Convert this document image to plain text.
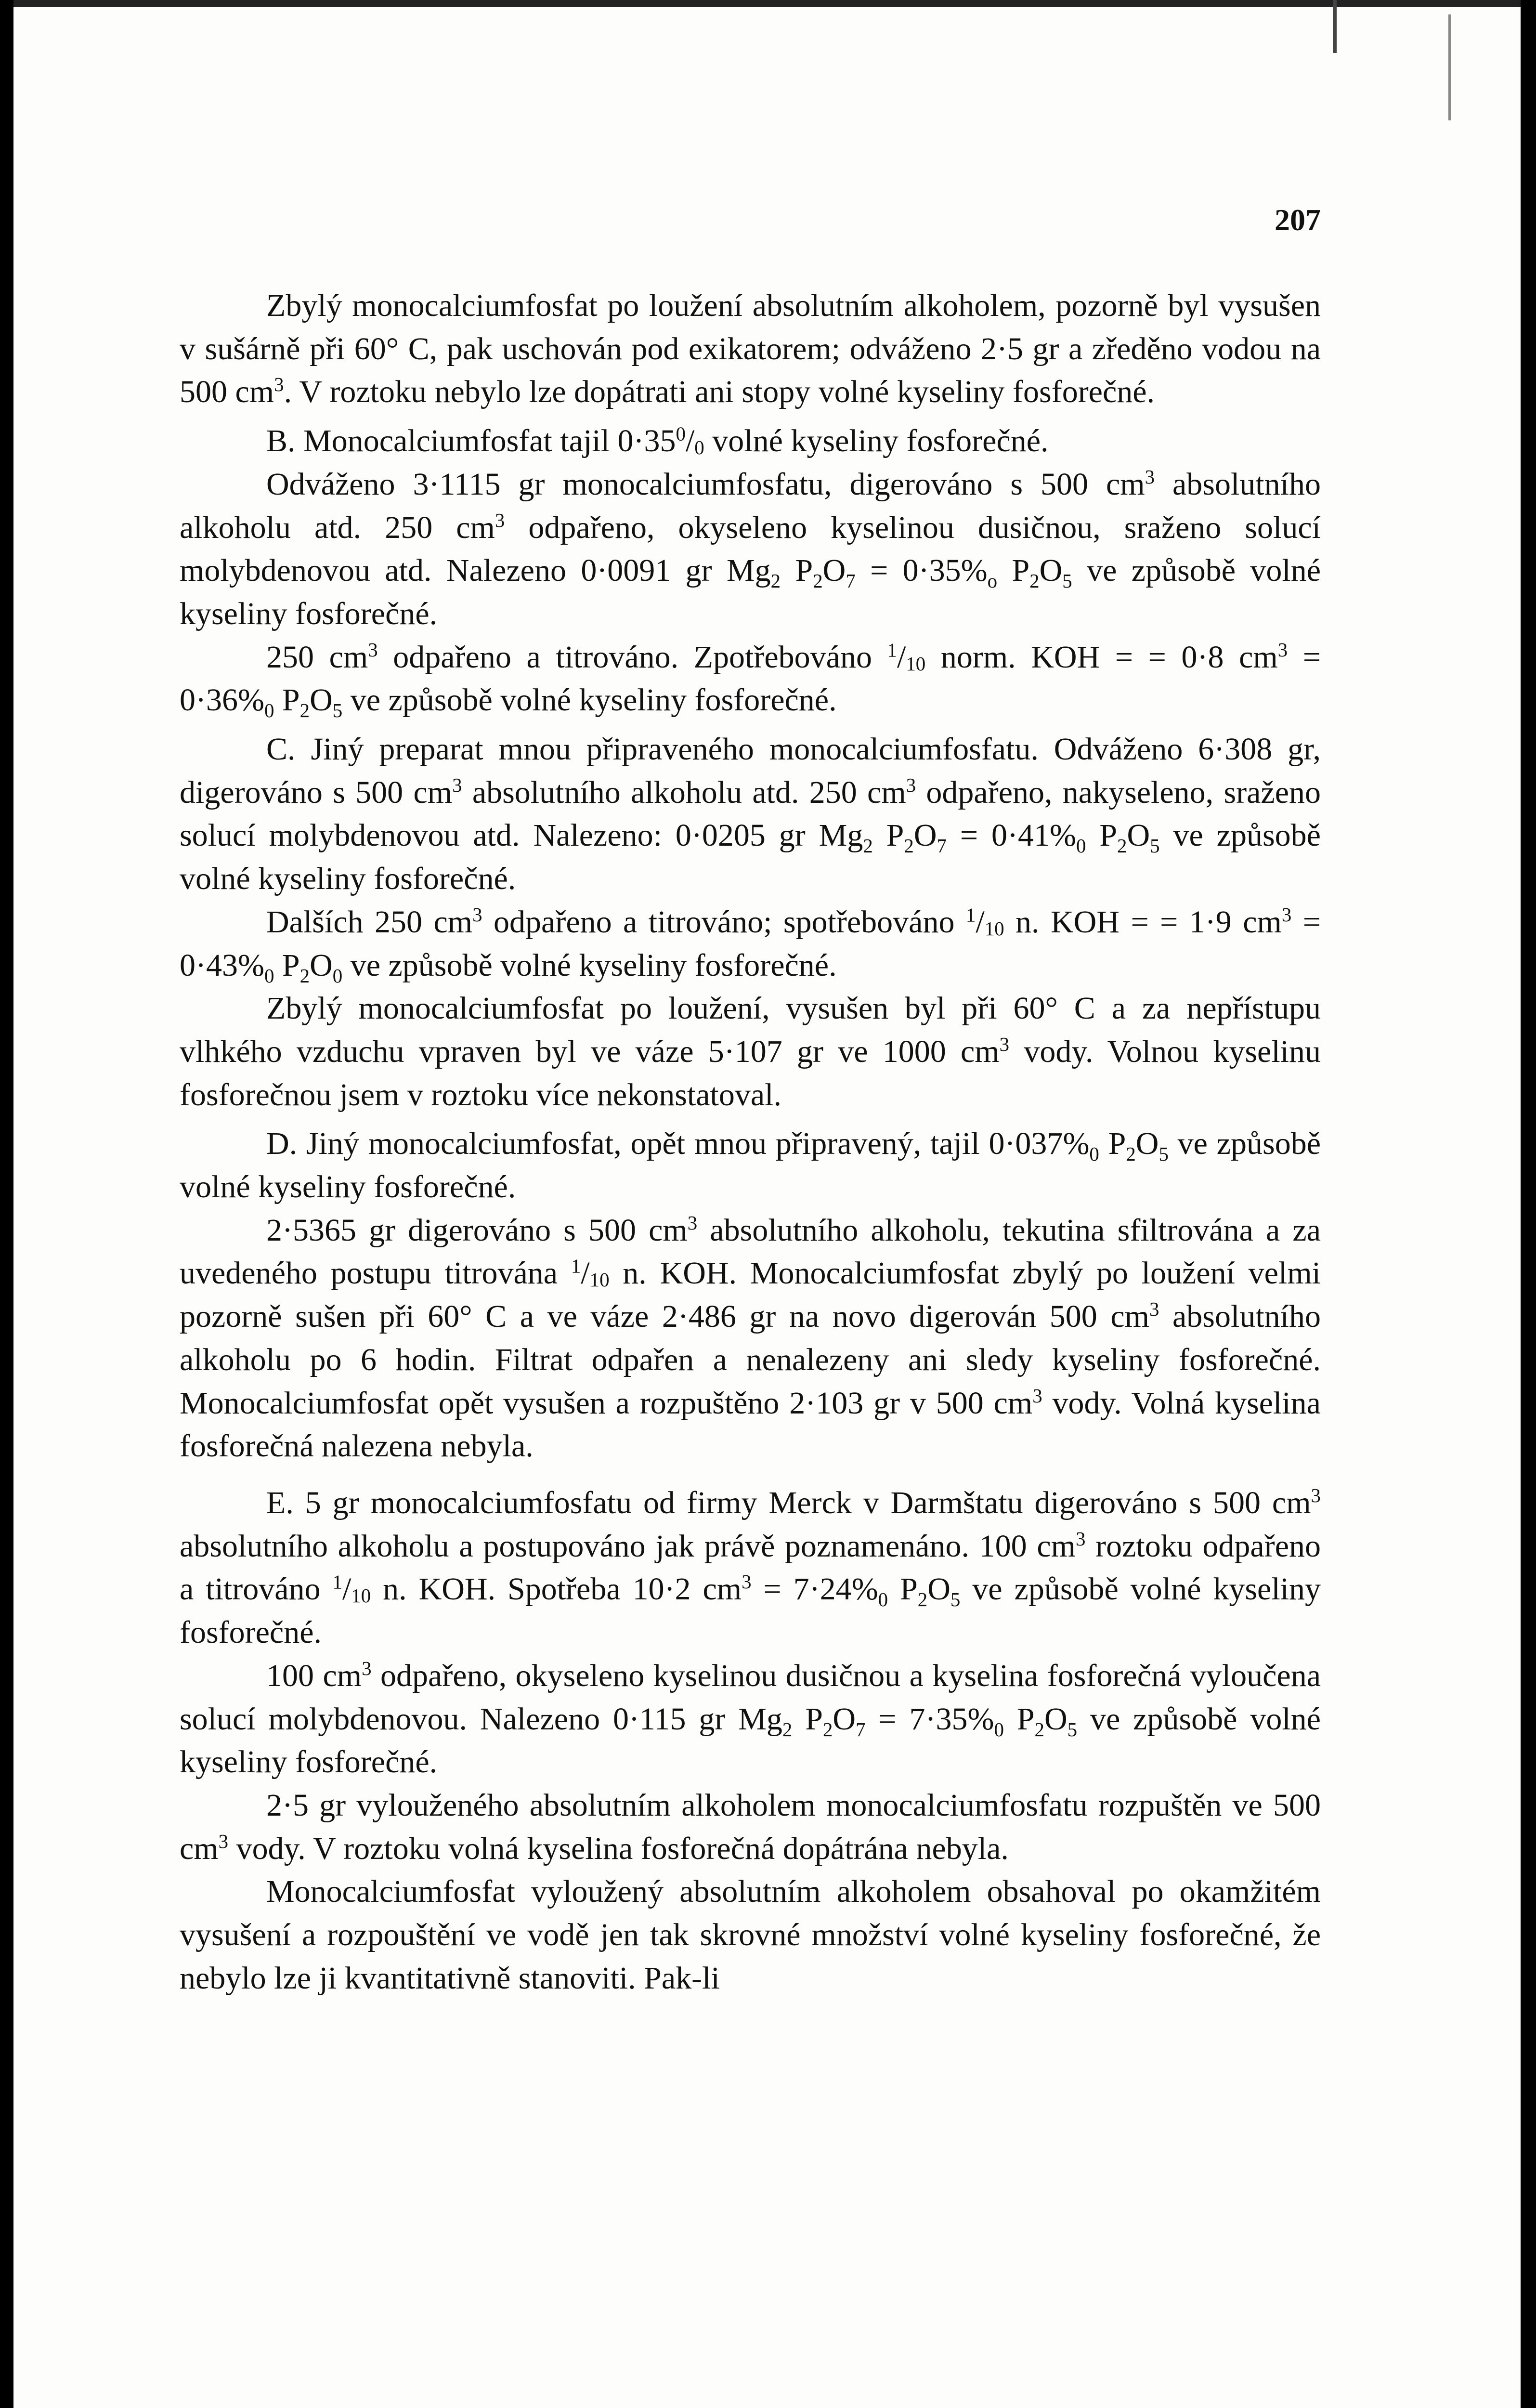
207

Zbylý monocalciumfosfat po loužení absolutním alkoholem, pozorně byl vysušen v sušárně při 60° C, pak uschován pod exikatorem; odváženo 2·5 gr a zředěno vodou na 500 $cm^3$. V roztoku nebylo lze dopátrati ani stopy volné kyseliny fosforečné.

B. Monocalciumfosfat tajil $0\cdot 35^0/_0$ volné kyseliny fosforečné.

Odváženo 3·1115 gr monocalciumfosfatu, digerováno s 500 $cm^3$ absolutního alkoholu atd. 250 $cm^3$ odpařeno, okyseleno kyselinou dusičnou, sraženo solucí molybdenovou atd. Nalezeno 0·0091 gr $Mg_2$ $P_2O_7 = 0\cdot 35\%_o$ $P_2O_5$ ve způsobě volné kyseliny fosforečné.

250 $cm^3$ odpařeno a titrováno. Zpotřebováno $^1/_{10}$ norm. KOH = = 0·8 $cm^3 = 0\cdot 36\%_0$ $P_2O_5$ ve způsobě volné kyseliny fosforečné.

C. Jiný preparat mnou připraveného monocalciumfosfatu. Odváženo 6·308 gr, digerováno s 500 $cm^3$ absolutního alkoholu atd. 250 $cm^3$ odpařeno, nakyseleno, sraženo solucí molybdenovou atd. Nalezeno: 0·0205 gr $Mg_2$ $P_2O_7 = 0\cdot 41\%_0$ $P_2O_5$ ve způsobě volné kyseliny fosforečné.

Dalších 250 $cm^3$ odpařeno a titrováno; spotřebováno $^1/_{10}$ n. KOH = = 1·9 $cm^3 = 0\cdot 43\%_0$ $P_2O_0$ ve způsobě volné kyseliny fosforečné.

Zbylý monocalciumfosfat po loužení, vysušen byl při 60° C a za nepřístupu vlhkého vzduchu vpraven byl ve váze 5·107 gr ve 1000 $cm^3$ vody. Volnou kyselinu fosforečnou jsem v roztoku více nekonstatoval.

D. Jiný monocalciumfosfat, opět mnou připravený, tajil $0\cdot 037\%_0$ $P_2O_5$ ve způsobě volné kyseliny fosforečné.

2·5365 gr digerováno s 500 $cm^3$ absolutního alkoholu, tekutina sfiltrována a za uvedeného postupu titrována $^1/_{10}$ n. KOH. Monocalciumfosfat zbylý po loužení velmi pozorně sušen při 60° C a ve váze 2·486 gr na novo digerován 500 $cm^3$ absolutního alkoholu po 6 hodin. Filtrat odpařen a nenalezeny ani sledy kyseliny fosforečné. Monocalciumfosfat opět vysušen a rozpuštěno 2·103 gr v 500 $cm^3$ vody. Volná kyselina fosforečná nalezena nebyla.

E. 5 gr monocalciumfosfatu od firmy Merck v Darmštatu digerováno s 500 $cm^3$ absolutního alkoholu a postupováno jak právě poznamenáno. 100 $cm^3$ roztoku odpařeno a titrováno $^1/_{10}$ n. KOH. Spotřeba 10·2 $cm^3 = 7\cdot 24\%_0$ $P_2O_5$ ve způsobě volné kyseliny fosforečné.

100 $cm^3$ odpařeno, okyseleno kyselinou dusičnou a kyselina fosforečná vyloučena solucí molybdenovou. Nalezeno 0·115 gr $Mg_2$ $P_2O_7 = 7\cdot 35\%_0$ $P_2O_5$ ve způsobě volné kyseliny fosforečné.

2·5 gr vylouženého absolutním alkoholem monocalciumfosfatu rozpuštěn ve 500 $cm^3$ vody. V roztoku volná kyselina fosforečná dopátrána nebyla.

Monocalciumfosfat vyloužený absolutním alkoholem obsahoval po okamžitém vysušení a rozpouštění ve vodě jen tak skrovné množství volné kyseliny fosforečné, že nebylo lze ji kvantitativně stanoviti. Pak-li
